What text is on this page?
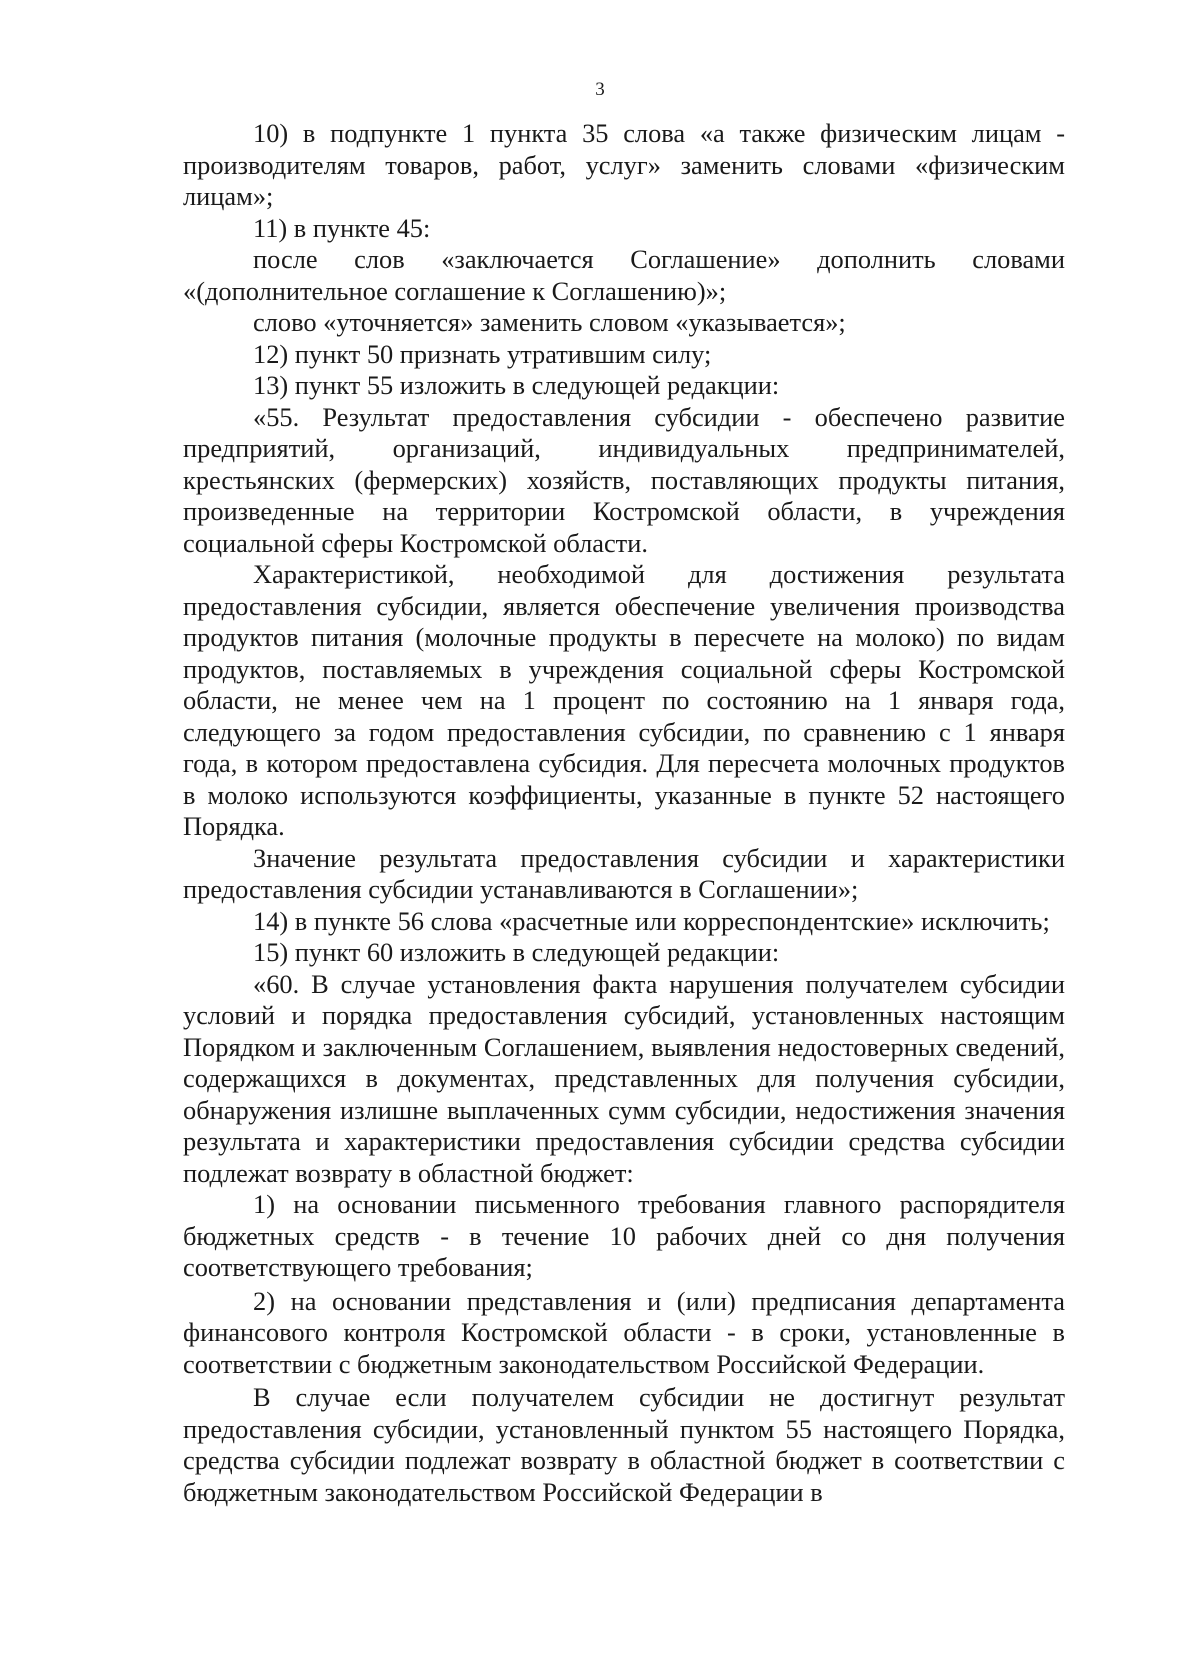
3

10) в подпункте 1 пункта 35 слова «а также физическим лицам - производителям товаров, работ, услуг» заменить словами «физическим лицам»;

11) в пункте 45:

после слов «заключается Соглашение» дополнить словами «(дополнительное соглашение к Соглашению)»;

слово «уточняется» заменить словом «указывается»;

12) пункт 50 признать утратившим силу;

13) пункт 55 изложить в следующей редакции:

«55. Результат предоставления субсидии - обеспечено развитие предприятий, организаций, индивидуальных предпринимателей, крестьянских (фермерских) хозяйств, поставляющих продукты питания, произведенные на территории Костромской области, в учреждения социальной сферы Костромской области.

Характеристикой, необходимой для достижения результата предоставления субсидии, является обеспечение увеличения производства продуктов питания (молочные продукты в пересчете на молоко) по видам продуктов, поставляемых в учреждения социальной сферы Костромской области, не менее чем на 1 процент по состоянию на 1 января года, следующего за годом предоставления субсидии, по сравнению с 1 января года, в котором предоставлена субсидия. Для пересчета молочных продуктов в молоко используются коэффициенты, указанные в пункте 52 настоящего Порядка.

Значение результата предоставления субсидии и характеристики предоставления субсидии устанавливаются в Соглашении»;

14) в пункте 56 слова «расчетные или корреспондентские» исключить;

15) пункт 60 изложить в следующей редакции:

«60. В случае установления факта нарушения получателем субсидии условий и порядка предоставления субсидий, установленных настоящим Порядком и заключенным Соглашением, выявления недостоверных сведений, содержащихся в документах, представленных для получения субсидии, обнаружения излишне выплаченных сумм субсидии, недостижения значения результата и характеристики предоставления субсидии средства субсидии подлежат возврату в областной бюджет:

1) на основании письменного требования главного распорядителя бюджетных средств - в течение 10 рабочих дней со дня получения соответствующего требования;

2) на основании представления и (или) предписания департамента финансового контроля Костромской области - в сроки, установленные в соответствии с бюджетным законодательством Российской Федерации.

В случае если получателем субсидии не достигнут результат предоставления субсидии, установленный пунктом 55 настоящего Порядка, средства субсидии подлежат возврату в областной бюджет в соответствии с бюджетным законодательством Российской Федерации в
